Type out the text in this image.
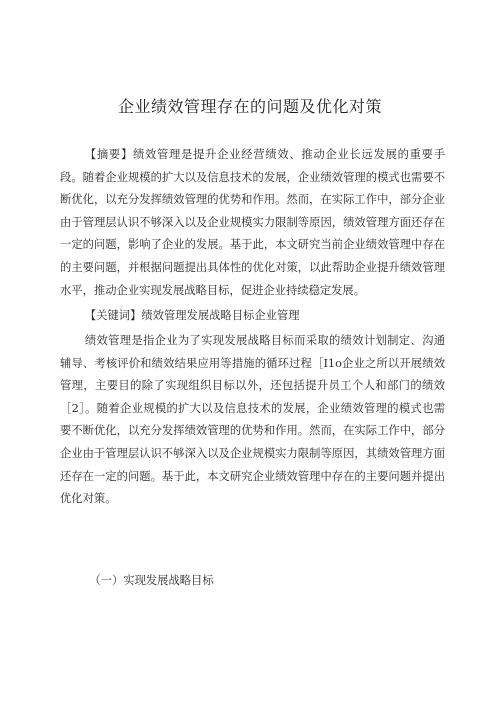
企业绩效管理存在的问题及优化对策

【摘要】绩效管理是提升企业经营绩效、推动企业长远发展的重要手段。随着企业规模的扩大以及信息技术的发展，企业绩效管理的模式也需要不断优化，以充分发挥绩效管理的优势和作用。然而，在实际工作中，部分企业由于管理层认识不够深入以及企业规模实力限制等原因，绩效管理方面还存在一定的问题，影响了企业的发展。基于此，本文研究当前企业绩效管理中存在的主要问题，并根据问题提出具体性的优化对策，以此帮助企业提升绩效管理水平，推动企业实现发展战略目标，促进企业持续稳定发展。

【关键词】绩效管理发展战略目标企业管理

绩效管理是指企业为了实现发展战略目标而采取的绩效计划制定、沟通辅导、考核评价和绩效结果应用等措施的循环过程［I1o企业之所以开展绩效管理，主要目的除了实现组织目标以外，还包括提升员工个人和部门的绩效［2］。随着企业规模的扩大以及信息技术的发展，企业绩效管理的模式也需要不断优化，以充分发挥绩效管理的优势和作用。然而，在实际工作中，部分企业由于管理层认识不够深入以及企业规模实力限制等原因，其绩效管理方面还存在一定的问题。基于此，本文研究企业绩效管理中存在的主要问题并提出优化对策。

（一）实现发展战略目标
